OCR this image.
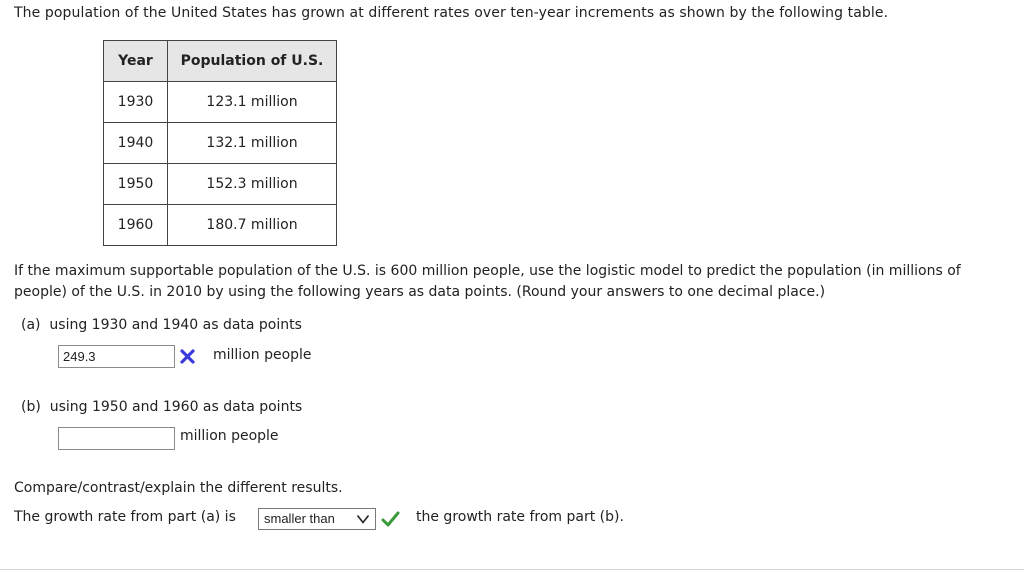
The population of the United States has grown at different rates over ten-year increments as shown by the following table.
Year	Population of U.S.
1930	123.1 million
1940	132.1 million
1950	152.3 million
1960	180.7 million
If the maximum supportable population of the U.S. is 600 million people, use the logistic model to predict the population (in millions of people) of the U.S. in 2010 by using the following years as data points. (Round your answers to one decimal place.)
(a)  using 1930 and 1940 as data points
249.3
million people
(b)  using 1950 and 1960 as data points
million people
Compare/contrast/explain the different results.
The growth rate from part (a) is	smaller than	the growth rate from part (b).
